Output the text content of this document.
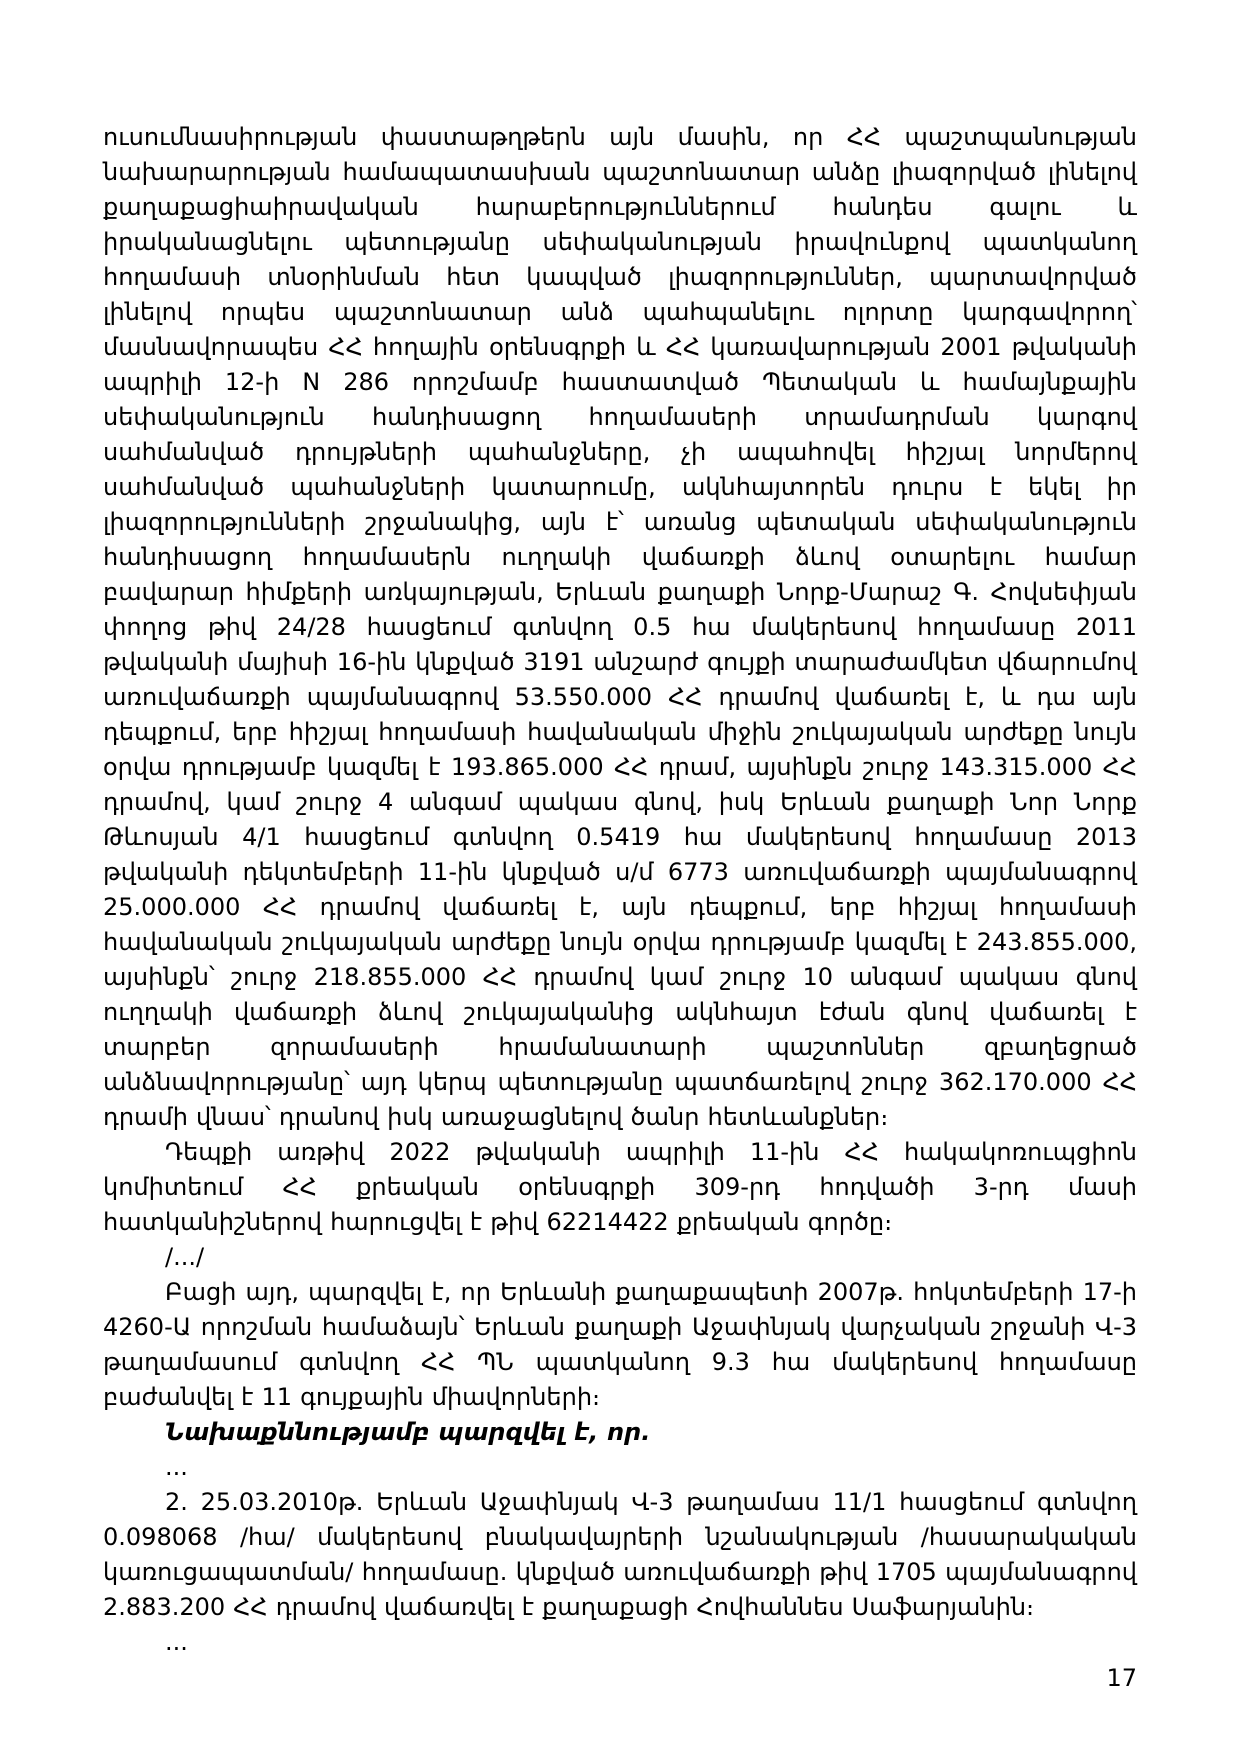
ուսումնասիրության փաստաթղթերն այն մասին, որ ՀՀ պաշտպանության նախարարության համապատասխան պաշտոնատար անձը լիազորված լինելով քաղաքացիաիրավական հարաբերություններում հանդես գալու և իրականացնելու պետությանը սեփականության իրավունքով պատկանող հողամասի տնօրինման հետ կապված լիազորություններ, պարտավորված լինելով որպես պաշտոնատար անձ պահպանելու ոլորտը կարգավորող՝ մասնավորապես ՀՀ հողային օրենսգրքի և ՀՀ կառավարության 2001 թվականի ապրիլի 12-ի N 286 որոշմամբ հաստատված Պետական և համայնքային սեփականություն հանդիսացող հողամասերի տրամադրման կարգով սահմանված դրույթների պահանջները, չի ապահովել հիշյալ նորմերով սահմանված պահանջների կատարումը, ակնհայտորեն դուրս է եկել իր լիազորությունների շրջանակից, այն է՝ առանց պետական սեփականություն հանդիսացող հողամասերն ուղղակի վաճառքի ձևով օտարելու համար բավարար հիմքերի առկայության, Երևան քաղաքի Նորք-Մարաշ Գ. Հովսեփյան փողոց թիվ 24/28 հասցեում գտնվող 0.5 հա մակերեսով հողամասը 2011 թվականի մայիսի 16-ին կնքված 3191 անշարժ գույքի տարաժամկետ վճարումով առուվաճառքի պայմանագրով 53.550.000 ՀՀ դրամով վաճառել է, և դա այն դեպքում, երբ հիշյալ հողամասի հավանական միջին շուկայական արժեքը նույն օրվա դրությամբ կազմել է 193.865.000 ՀՀ դրամ, այսինքն շուրջ 143.315.000 ՀՀ դրամով, կամ շուրջ 4 անգամ պակաս գնով, իսկ Երևան քաղաքի Նոր Նորք Թևոսյան 4/1 հասցեում գտնվող 0.5419 հա մակերեսով հողամասը 2013 թվականի դեկտեմբերի 11-ին կնքված ս/մ 6773 առուվաճառքի պայմանագրով 25.000.000 ՀՀ դրամով վաճառել է, այն դեպքում, երբ հիշյալ հողամասի հավանական շուկայական արժեքը նույն օրվա դրությամբ կազմել է 243.855.000, այսինքն՝ շուրջ 218.855.000 ՀՀ դրամով կամ շուրջ 10 անգամ պակաս գնով ուղղակի վաճառքի ձևով շուկայականից ակնհայտ էժան գնով վաճառել է տարբեր զորամասերի հրամանատարի պաշտոններ զբաղեցրած անձնավորությանը՝ այդ կերպ պետությանը պատճառելով շուրջ 362.170.000 ՀՀ դրամի վնաս՝ դրանով իսկ առաջացնելով ծանր հետևանքներ։

Դեպքի առթիվ 2022 թվականի ապրիլի 11-ին ՀՀ հակակոռուպցիոն կոմիտեում ՀՀ քրեական օրենսգրքի 309-րդ հոդվածի 3-րդ մասի հատկանիշներով հարուցվել է թիվ 62214422 քրեական գործը։

/.../

Բացի այդ, պարզվել է, որ Երևանի քաղաքապետի 2007թ. հոկտեմբերի 17-ի 4260-Ա որոշման համաձայն՝ Երևան քաղաքի Աջափնյակ վարչական շրջանի Վ-3 թաղամասում գտնվող ՀՀ ՊՆ պատկանող 9.3 հա մակերեսով հողամասը բաժանվել է 11 գույքային միավորների։

Նախաքննությամբ պարզվել է, որ.

...

2. 25.03.2010թ. Երևան Աջափնյակ Վ-3 թաղամաս 11/1 հասցեում գտնվող 0.098068 /հա/ մակերեսով բնակավայրերի նշանակության /հասարակական կառուցապատման/ հողամասը. կնքված առուվաճառքի թիվ 1705 պայմանագրով 2.883.200 ՀՀ դրամով վաճառվել է քաղաքացի Հովհաննես Սաֆարյանին։

...

17
